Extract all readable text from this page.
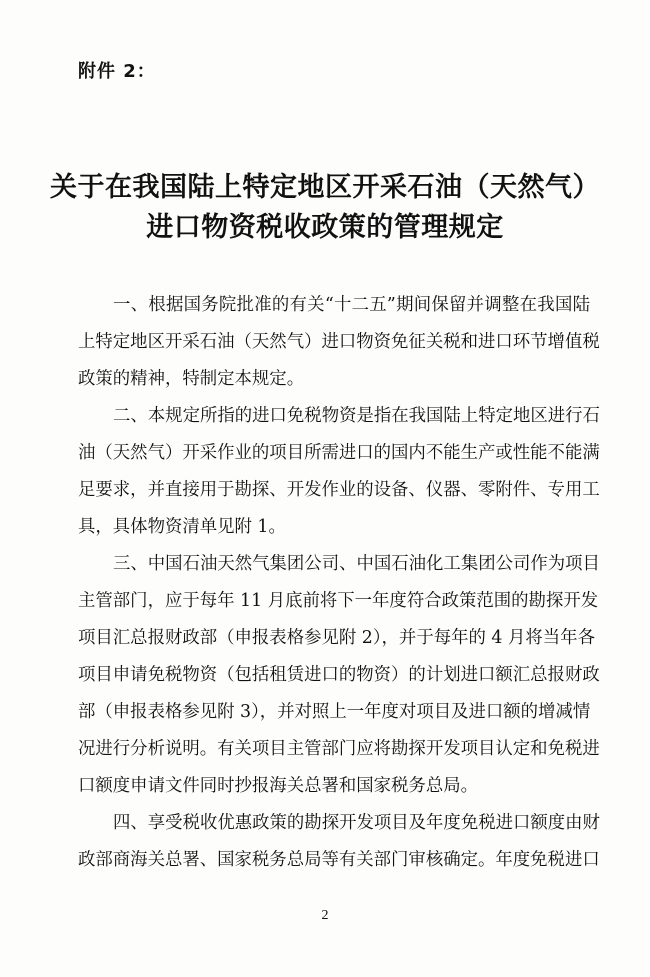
附件 2：
关于在我国陆上特定地区开采石油（天然气）
进口物资税收政策的管理规定
一、根据国务院批准的有关“十二五”期间保留并调整在我国陆
上特定地区开采石油（天然气）进口物资免征关税和进口环节增值税
政策的精神，特制定本规定。
二、本规定所指的进口免税物资是指在我国陆上特定地区进行石
油（天然气）开采作业的项目所需进口的国内不能生产或性能不能满
足要求，并直接用于勘探、开发作业的设备、仪器、零附件、专用工
具，具体物资清单见附 1。
三、中国石油天然气集团公司、中国石油化工集团公司作为项目
主管部门，应于每年 11 月底前将下一年度符合政策范围的勘探开发
项目汇总报财政部（申报表格参见附 2），并于每年的 4 月将当年各
项目申请免税物资（包括租赁进口的物资）的计划进口额汇总报财政
部（申报表格参见附 3），并对照上一年度对项目及进口额的增减情
况进行分析说明。有关项目主管部门应将勘探开发项目认定和免税进
口额度申请文件同时抄报海关总署和国家税务总局。
四、享受税收优惠政策的勘探开发项目及年度免税进口额度由财
政部商海关总署、国家税务总局等有关部门审核确定。年度免税进口
2
